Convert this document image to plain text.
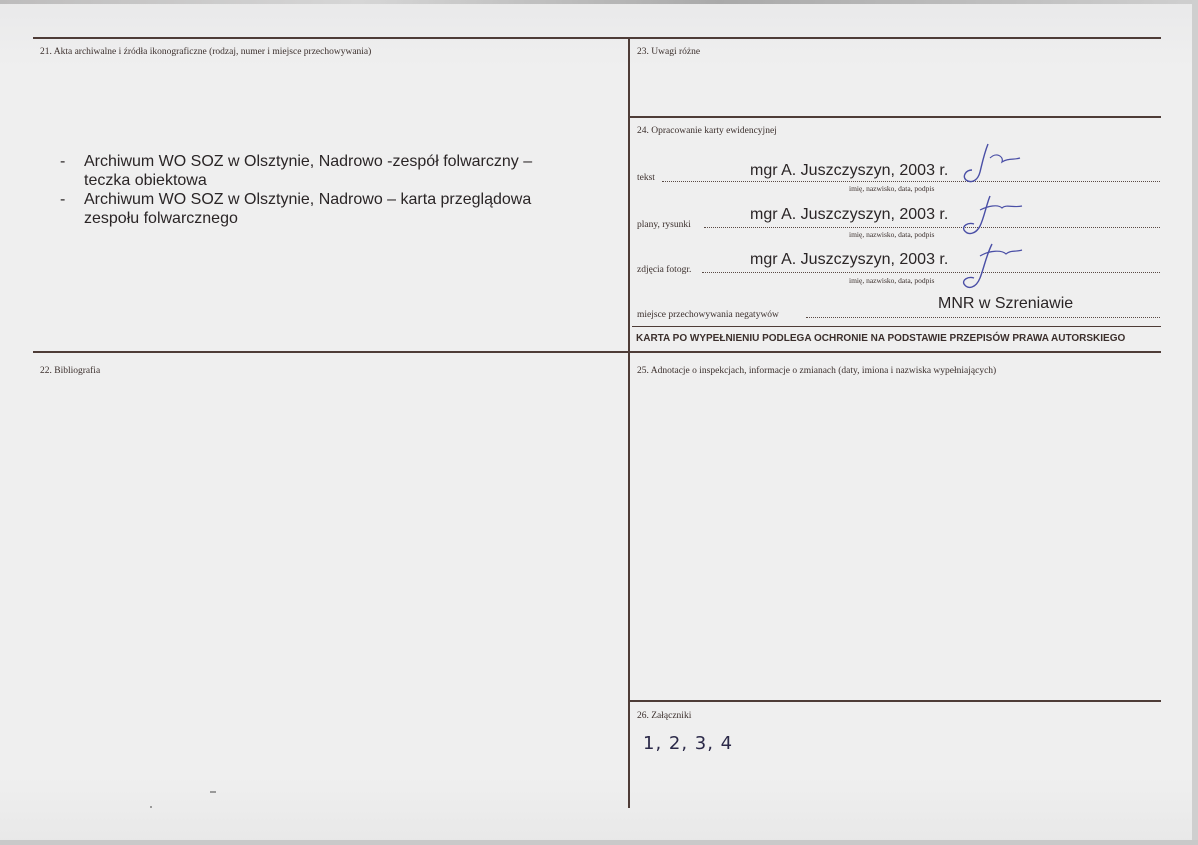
21. Akta archiwalne i źródła ikonograficzne (rodzaj, numer i miejsce przechowywania)
- Archiwum WO SOZ w Olsztynie, Nadrowo -zespół folwarczny – teczka obiektowa
- Archiwum WO SOZ w Olsztynie, Nadrowo – karta przeglądowa zespołu folwarcznego
23. Uwagi różne
24. Opracowanie karty ewidencyjnej
tekst	mgr A. Juszczyszyn, 2003 r.
imię, nazwisko, data, podpis
plany, rysunki
mgr A. Juszczyszyn, 2003 r.
imię, nazwisko, data, podpis
zdjęcia fotogr.
mgr A. Juszczyszyn, 2003 r.
imię, nazwisko, data, podpis
miejsce przechowywania negatywów
MNR w Szreniawie
KARTA PO WYPEŁNIENIU PODLEGA OCHRONIE NA PODSTAWIE PRZEPISÓW PRAWA AUTORSKIEGO
22. Bibliografia	25. Adnotacje o inspekcjach, informacje o zmianach (daty, imiona i nazwiska wypełniających)
26. Załączniki
1, 2, 3, 4
